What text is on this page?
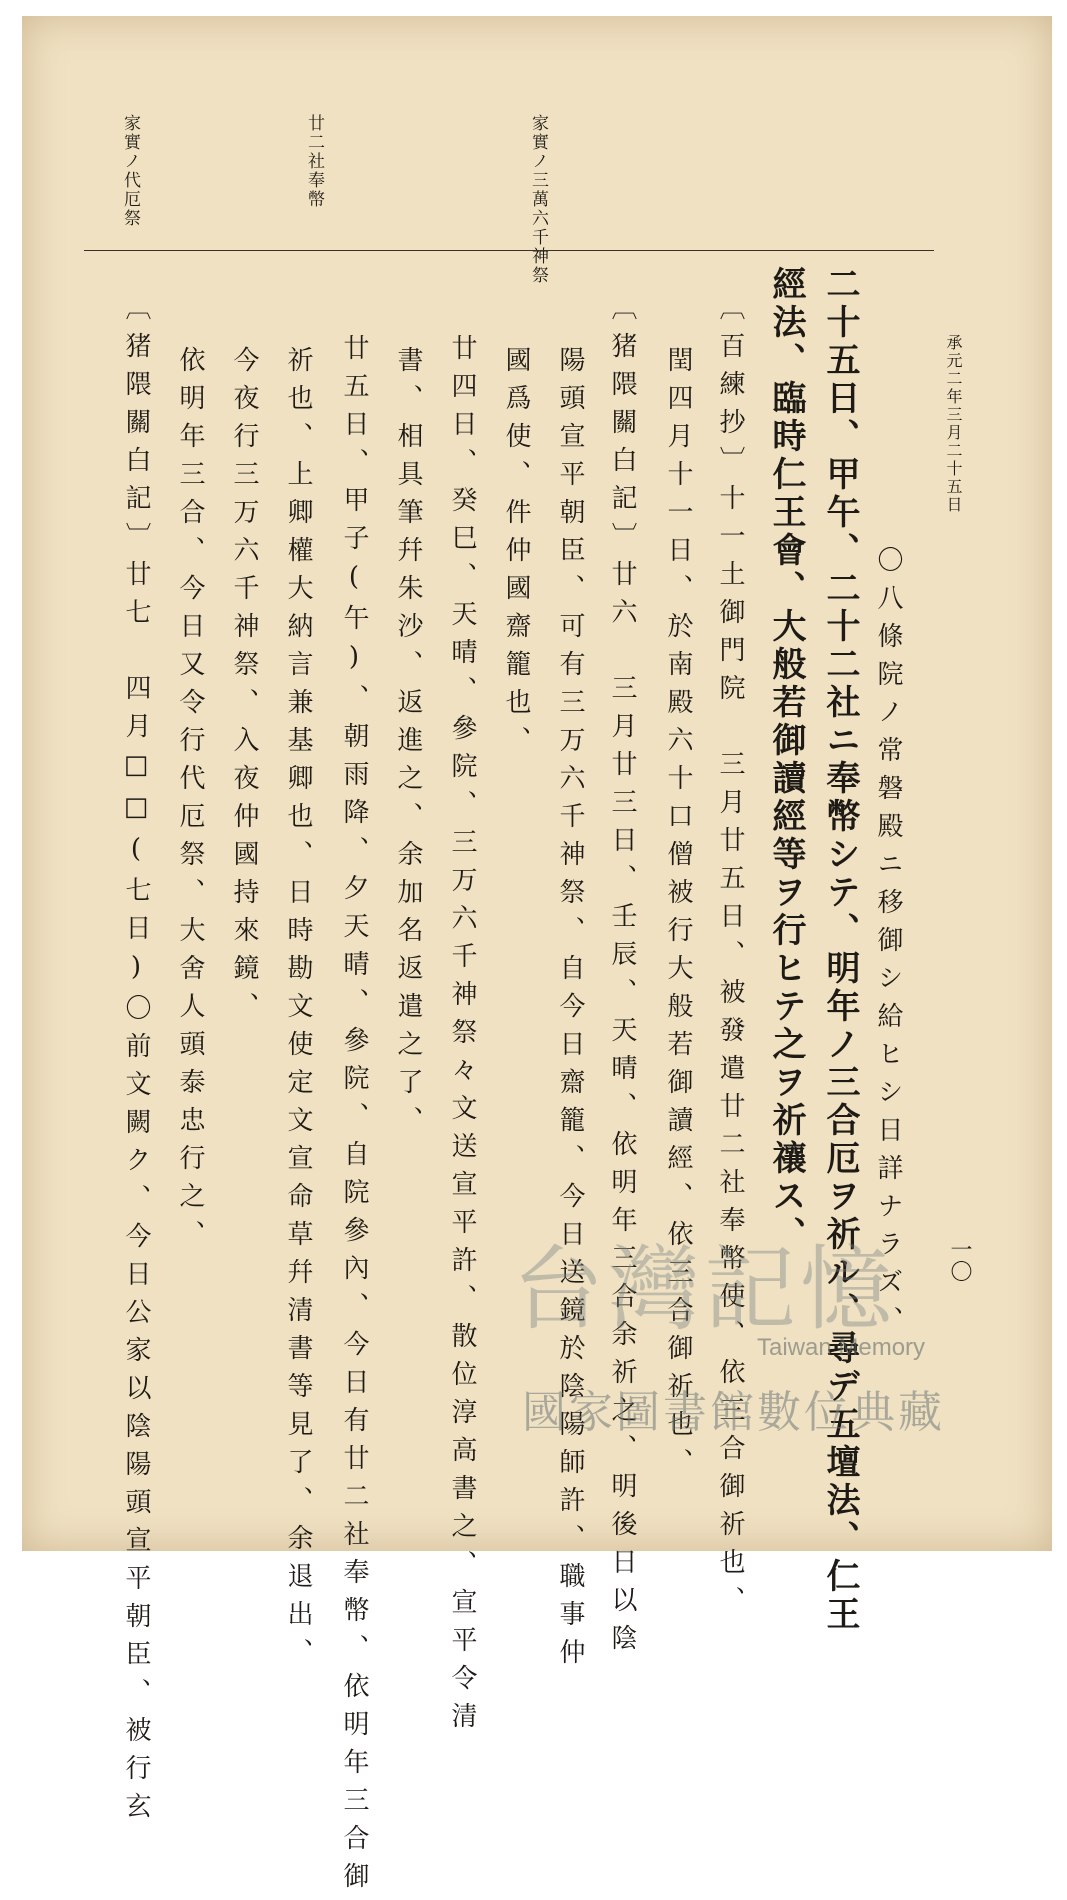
家實ノ三萬六千神祭
廿二社奉幣
家實ノ代厄祭
承元二年三月二十五日
一〇
〇八條院ノ常磐殿ニ移御シ給ヒシ日詳ナラズ、
二十五日、甲午、二十二社ニ奉幣シテ、明年ノ三合厄ヲ祈ル、尋デ五壇法、仁王
經法、臨時仁王會、大般若御讀經等ヲ行ヒテ之ヲ祈禳ス、
〔百練抄〕十一土御門院　三月廿五日、被發遣廿二社奉幣使、依三合御祈也、
閏四月十一日、於南殿六十口僧被行大般若御讀經、依三合御祈也、
〔猪隈關白記〕廿六　三月廿三日、壬辰、天晴、依明年三合余祈之、明後日以陰
陽頭宣平朝臣、可有三万六千神祭、自今日齋籠、今日送鏡於陰陽師許、職事仲
國爲使、件仲國齋籠也、
廿四日、癸巳、天晴、參院、三万六千神祭々文送宣平許、散位淳高書之、宣平令清
書、相具筆幷朱沙、返進之、余加名返遣之了、
廿五日、甲子(午)、朝雨降、夕天晴、參院、自院參內、今日有廿二社奉幣、依明年三合御
祈也、上卿權大納言兼基卿也、日時勘文使定文宣命草幷清書等見了、余退出、
今夜行三万六千神祭、入夜仲國持來鏡、
依明年三合、今日又令行代厄祭、大舍人頭泰忠行之、
〔猪隈關白記〕廿七　四月□□(七日)〇前文闕ク、今日公家以陰陽頭宣平朝臣、被行玄	台灣記憶
Taiwan Memory
國家圖書館數位典藏
